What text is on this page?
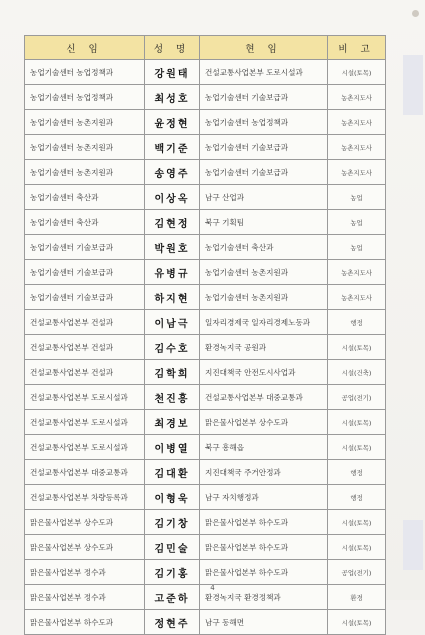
신 임	성 명	현 임	비 고
농업기술센터 농업정책과	강원태	건설교통사업본부 도로시설과	시설(토목)
농업기술센터 농업정책과	최성호	농업기술센터 기술보급과	농촌지도사
농업기술센터 농촌지원과	윤정현	농업기술센터 농업정책과	농촌지도사
농업기술센터 농촌지원과	백기준	농업기술센터 기술보급과	농촌지도사
농업기술센터 농촌지원과	송영주	농업기술센터 기술보급과	농촌지도사
농업기술센터 축산과	이상옥	남구 산업과	농업
농업기술센터 축산과	김현정	북구 기획팀	농업
농업기술센터 기술보급과	박원호	농업기술센터 축산과	농업
농업기술센터 기술보급과	유병규	농업기술센터 농촌지원과	농촌지도사
농업기술센터 기술보급과	하지현	농업기술센터 농촌지원과	농촌지도사
건설교통사업본부 건설과	이남극	일자리경제국 일자리경제노동과	행정
건설교통사업본부 건설과	김수호	환경녹지국 공원과	시설(토목)
건설교통사업본부 건설과	김학희	지진대책국 안전도시사업과	시설(건축)
건설교통사업본부 도로시설과	천진흥	건설교통사업본부 대중교통과	공업(전기)
건설교통사업본부 도로시설과	최경보	맑은물사업본부 상수도과	시설(토목)
건설교통사업본부 도로시설과	이병열	북구 흥해읍	시설(토목)
건설교통사업본부 대중교통과	김대환	지진대책국 주거안정과	행정
건설교통사업본부 차량등록과	이형욱	남구 자치행정과	행정
맑은물사업본부 상수도과	김기창	맑은물사업본부 하수도과	시설(토목)
맑은물사업본부 상수도과	김민술	맑은물사업본부 하수도과	시설(토목)
맑은물사업본부 정수과	김기홍	맑은물사업본부 하수도과	공업(전기)
맑은물사업본부 정수과	고준하	환경녹지국 환경정책과	환경
맑은물사업본부 하수도과	정현주	남구 동해면	시설(토목)
4
